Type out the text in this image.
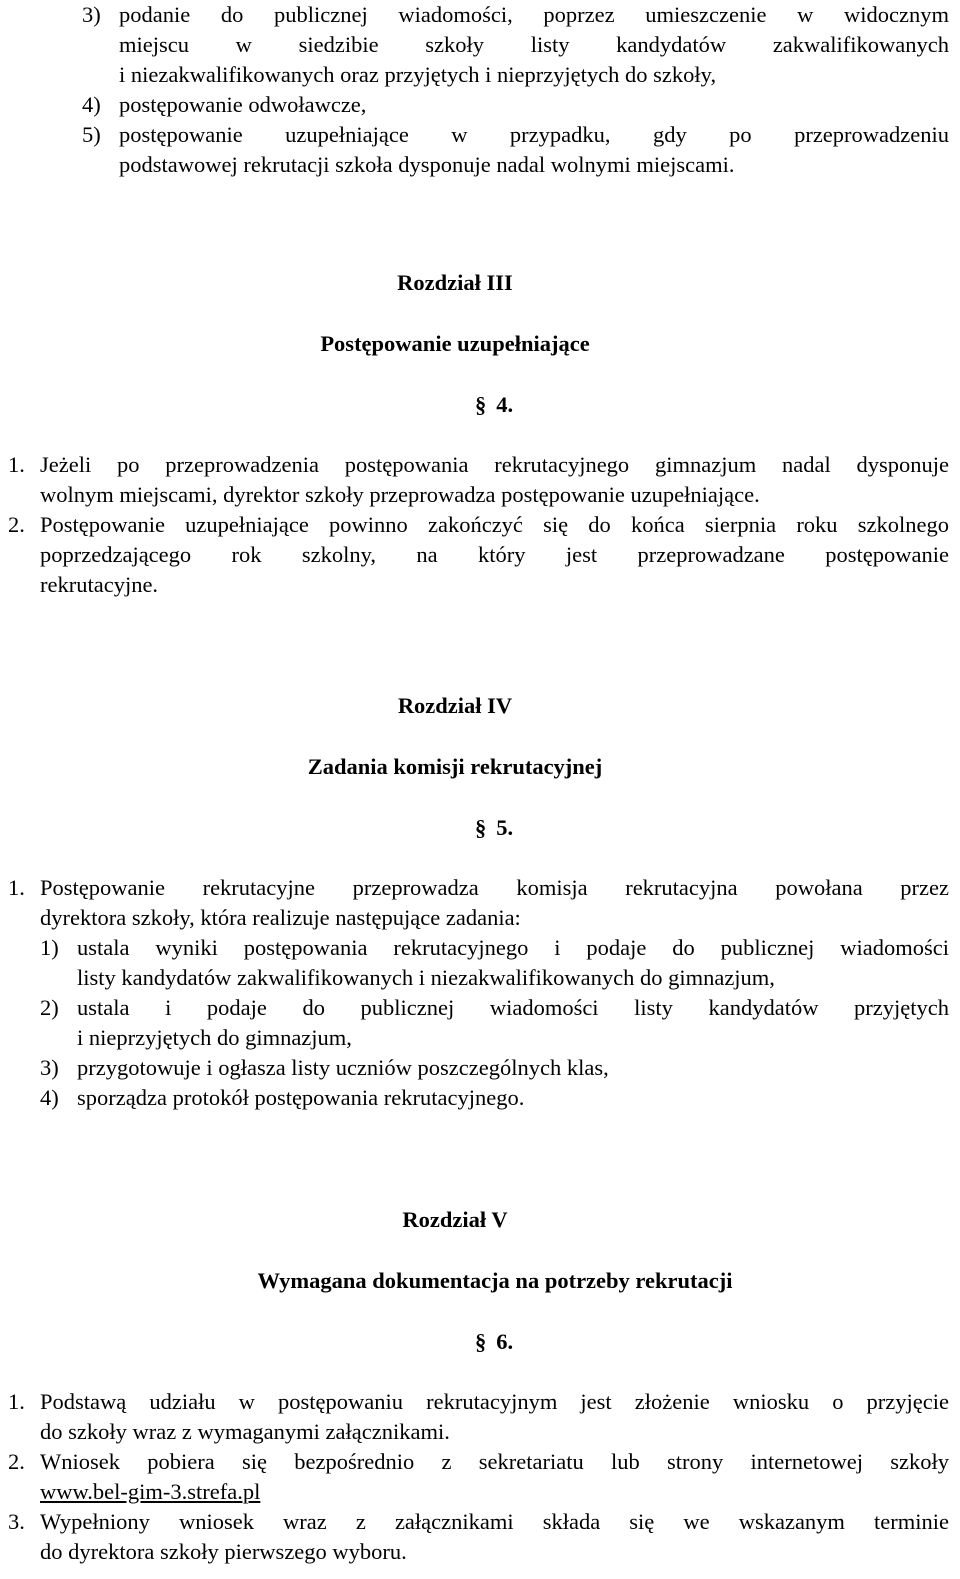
3) podanie do publicznej wiadomości, poprzez umieszczenie w widocznym
miejscu w siedzibie szkoły listy kandydatów zakwalifikowanych
i niezakwalifikowanych oraz przyjętych i nieprzyjętych do szkoły,
4) postępowanie odwoławcze,
5) postępowanie uzupełniające w przypadku, gdy po przeprowadzeniu
podstawowej rekrutacji szkoła dysponuje nadal wolnymi miejscami.
Rozdział III
Postępowanie uzupełniające
§ 4.
1. Jeżeli po przeprowadzenia postępowania rekrutacyjnego gimnazjum nadal dysponuje
wolnym miejscami, dyrektor szkoły przeprowadza postępowanie uzupełniające.
2. Postępowanie uzupełniające powinno zakończyć się do końca sierpnia roku szkolnego
poprzedzającego rok szkolny, na który jest przeprowadzane postępowanie
rekrutacyjne.
Rozdział IV
Zadania komisji rekrutacyjnej
§ 5.
1. Postępowanie rekrutacyjne przeprowadza komisja rekrutacyjna powołana przez
dyrektora szkoły, która realizuje następujące zadania:
1) ustala wyniki postępowania rekrutacyjnego i podaje do publicznej wiadomości
listy kandydatów zakwalifikowanych i niezakwalifikowanych do gimnazjum,
2) ustala i podaje do publicznej wiadomości listy kandydatów przyjętych
i nieprzyjętych do gimnazjum,
3) przygotowuje i ogłasza listy uczniów poszczególnych klas,
4) sporządza protokół postępowania rekrutacyjnego.
Rozdział V
Wymagana dokumentacja na potrzeby rekrutacji
§ 6.
1. Podstawą udziału w postępowaniu rekrutacyjnym jest złożenie wniosku o przyjęcie
do szkoły wraz z wymaganymi załącznikami.
2. Wniosek pobiera się bezpośrednio z sekretariatu lub strony internetowej szkoły
www.bel-gim-3.strefa.pl
3. Wypełniony wniosek wraz z załącznikami składa się we wskazanym terminie
do dyrektora szkoły pierwszego wyboru.
